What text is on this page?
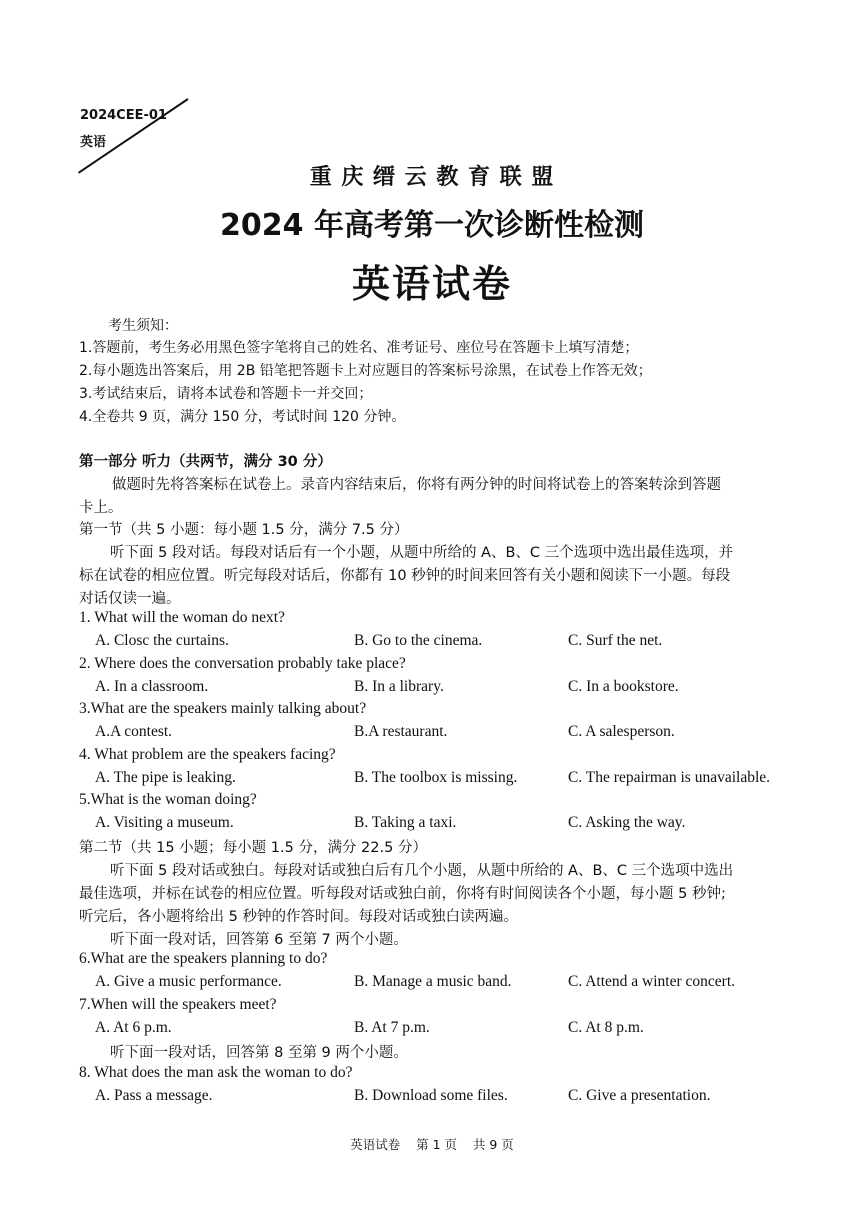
2024CEE-01
英语
重 庆 缙 云 教 育 联 盟
2024 年高考第一次诊断性检测
英语试卷
考生须知：
1.答题前，考生务必用黑色签字笔将自己的姓名、准考证号、座位号在答题卡上填写清楚；
2.每小题选出答案后，用 2B 铅笔把答题卡上对应题目的答案标号涂黑，在试卷上作答无效；
3.考试结束后，请将本试卷和答题卡一并交回；
4.全卷共 9 页，满分 150 分，考试时间 120 分钟。
第一部分 听力（共两节，满分 30 分）
做题时先将答案标在试卷上。录音内容结束后，你将有两分钟的时间将试卷上的答案转涂到答题
卡上。
第一节（共 5 小题：每小题 1.5 分，满分 7.5 分）
听下面 5 段对话。每段对话后有一个小题，从题中所给的 A、B、C 三个选项中选出最佳选项，并
标在试卷的相应位置。听完每段对话后，你都有 10 秒钟的时间来回答有关小题和阅读下一小题。每段
对话仅读一遍。
1. What will the woman do next?
A. Closc the curtains.	B. Go to the cinema.	C. Surf the net.
2. Where does the conversation probably take place?
A. In a classroom.	B. In a library.	C. In a bookstore.
3.What are the speakers mainly talking about?
A.A contest.	B.A restaurant.	C. A salesperson.
4. What problem are the speakers facing?
A. The pipe is leaking.	B. The toolbox is missing.	C. The repairman is unavailable.
5.What is the woman doing?
A. Visiting a museum.	B. Taking a taxi.	C. Asking the way.
第二节（共 15 小题；每小题 1.5 分，满分 22.5 分）
听下面 5 段对话或独白。每段对话或独白后有几个小题，从题中所给的 A、B、C 三个选项中选出
最佳选项，并标在试卷的相应位置。听每段对话或独白前，你将有时间阅读各个小题，每小题 5 秒钟;
听完后，各小题将给出 5 秒钟的作答时间。每段对话或独白读两遍。
听下面一段对话，回答第 6 至第 7 两个小题。
6.What are the speakers planning to do?
A. Give a music performance.	B. Manage a music band.	C. Attend a winter concert.
7.When will the speakers meet?
A. At 6 p.m.	B. At 7 p.m.	C. At 8 p.m.
听下面一段对话，回答第 8 至第 9 两个小题。
8. What does the man ask the woman to do?
A. Pass a message.	B. Download some files.	C. Give a presentation.
英语试卷    第 1 页    共 9 页
